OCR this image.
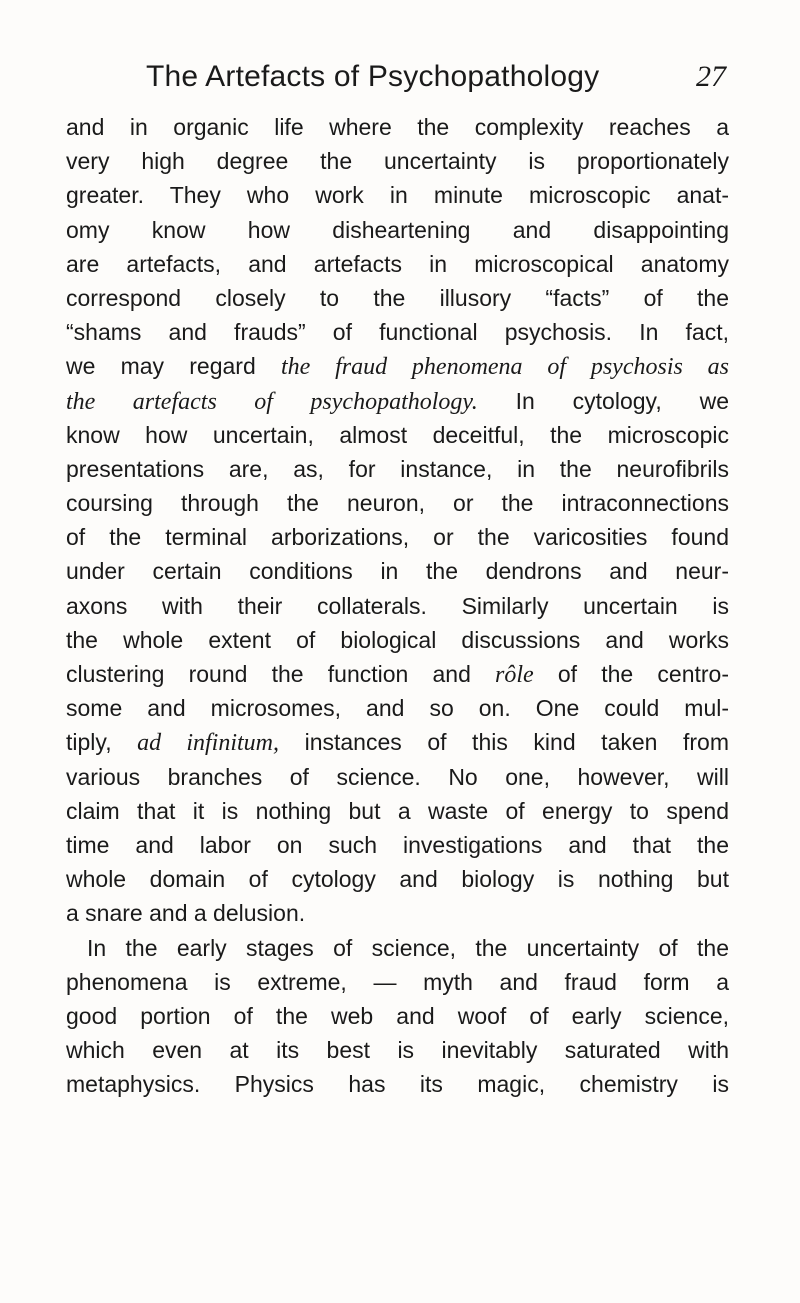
The Artefacts of Psychopathology	27
and in organic life where the complexity reaches a
very high degree the uncertainty is proportionately
greater. They who work in minute microscopic anat-
omy know how disheartening and disappointing
are artefacts, and artefacts in microscopical anatomy
correspond closely to the illusory “facts” of the
“shams and frauds” of functional psychosis. In fact,
we may regard the fraud phenomena of psychosis as
the artefacts of psychopathology. In cytology, we
know how uncertain, almost deceitful, the microscopic
presentations are, as, for instance, in the neurofibrils
coursing through the neuron, or the intraconnections
of the terminal arborizations, or the varicosities found
under certain conditions in the dendrons and neur-
axons with their collaterals. Similarly uncertain is
the whole extent of biological discussions and works
clustering round the function and rôle of the centro-
some and microsomes, and so on. One could mul-
tiply, ad infinitum, instances of this kind taken from
various branches of science. No one, however, will
claim that it is nothing but a waste of energy to spend
time and labor on such investigations and that the
whole domain of cytology and biology is nothing but
a snare and a delusion.
In the early stages of science, the uncertainty of the
phenomena is extreme, — myth and fraud form a
good portion of the web and woof of early science,
which even at its best is inevitably saturated with
metaphysics. Physics has its magic, chemistry is
